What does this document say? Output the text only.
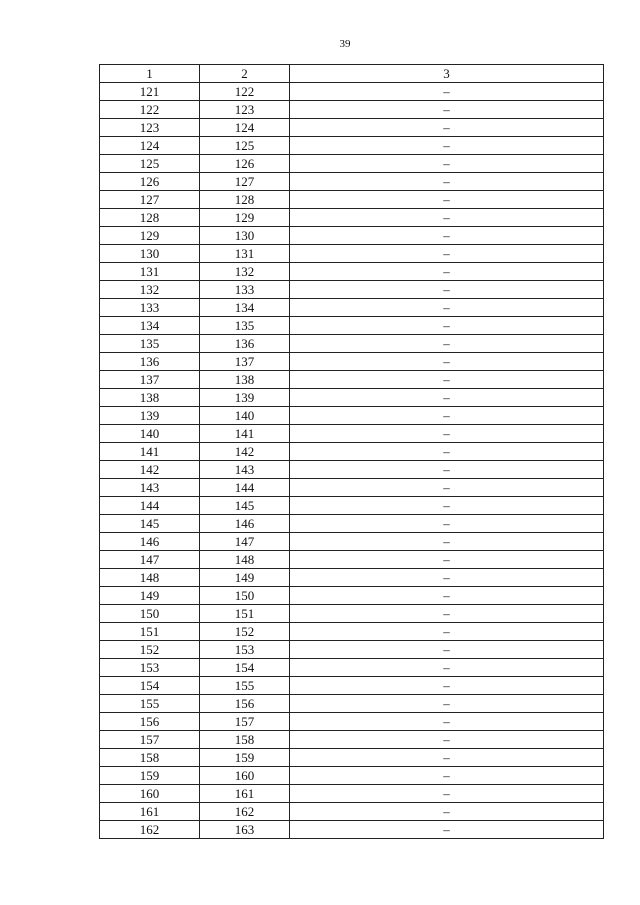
39
1	2	3
121	122	–
122	123	–
123	124	–
124	125	–
125	126	–
126	127	–
127	128	–
128	129	–
129	130	–
130	131	–
131	132	–
132	133	–
133	134	–
134	135	–
135	136	–
136	137	–
137	138	–
138	139	–
139	140	–
140	141	–
141	142	–
142	143	–
143	144	–
144	145	–
145	146	–
146	147	–
147	148	–
148	149	–
149	150	–
150	151	–
151	152	–
152	153	–
153	154	–
154	155	–
155	156	–
156	157	–
157	158	–
158	159	–
159	160	–
160	161	–
161	162	–
162	163	–
